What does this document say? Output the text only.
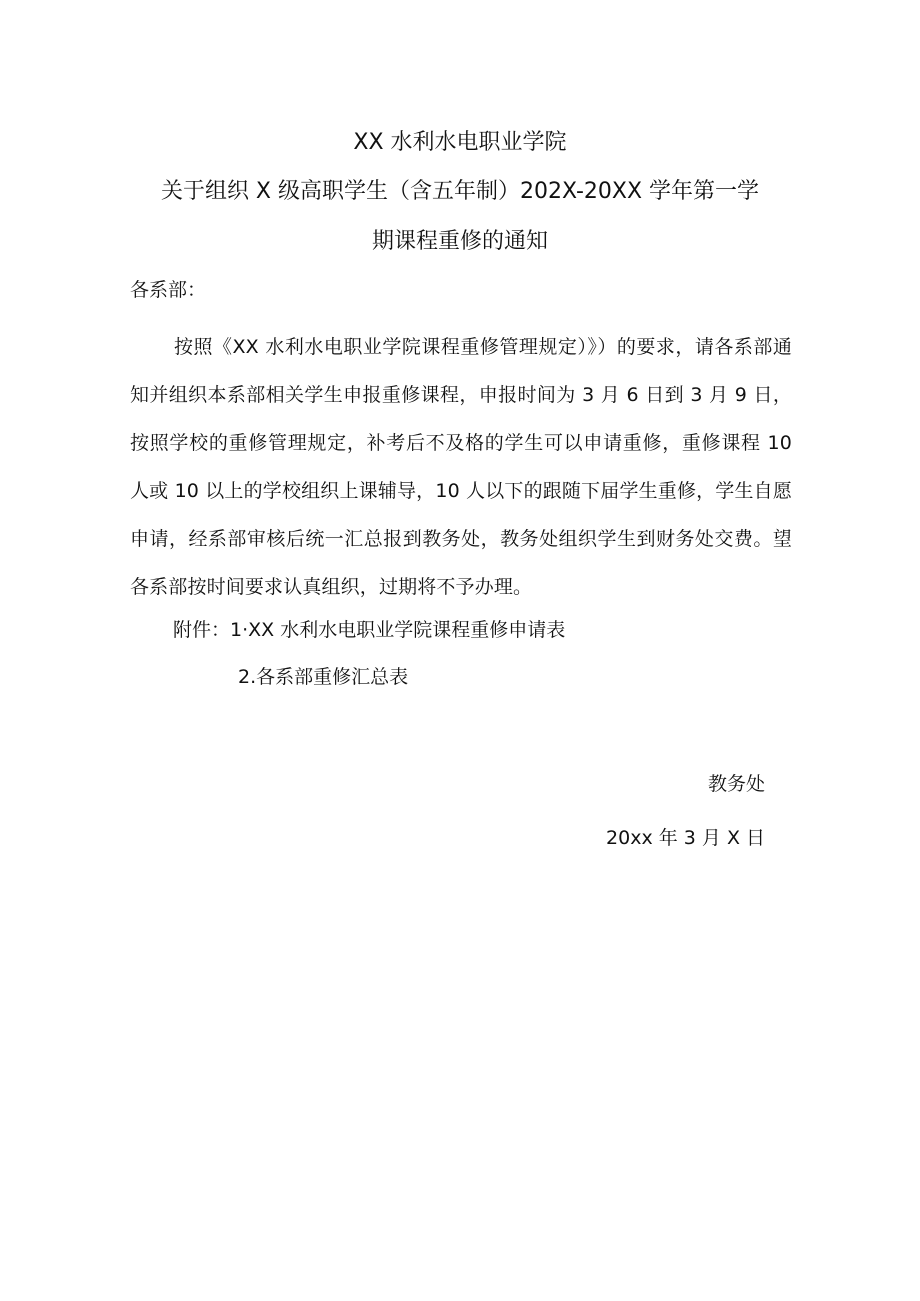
XX 水利水电职业学院
关于组织 X 级高职学生（含五年制）202X-20XX 学年第一学
期课程重修的通知
各系部：

按照《XX 水利水电职业学院课程重修管理规定）》）的要求，请各系部通知并组织本系部相关学生申报重修课程，申报时间为 3 月 6 日到 3 月 9 日，按照学校的重修管理规定，补考后不及格的学生可以申请重修，重修课程 10 人或 10 以上的学校组织上课辅导，10 人以下的跟随下届学生重修，学生自愿申请，经系部审核后统一汇总报到教务处，教务处组织学生到财务处交费。望各系部按时间要求认真组织，过期将不予办理。

附件：1·XX 水利水电职业学院课程重修申请表
2.各系部重修汇总表
教务处
20xx 年 3 月 X 日
